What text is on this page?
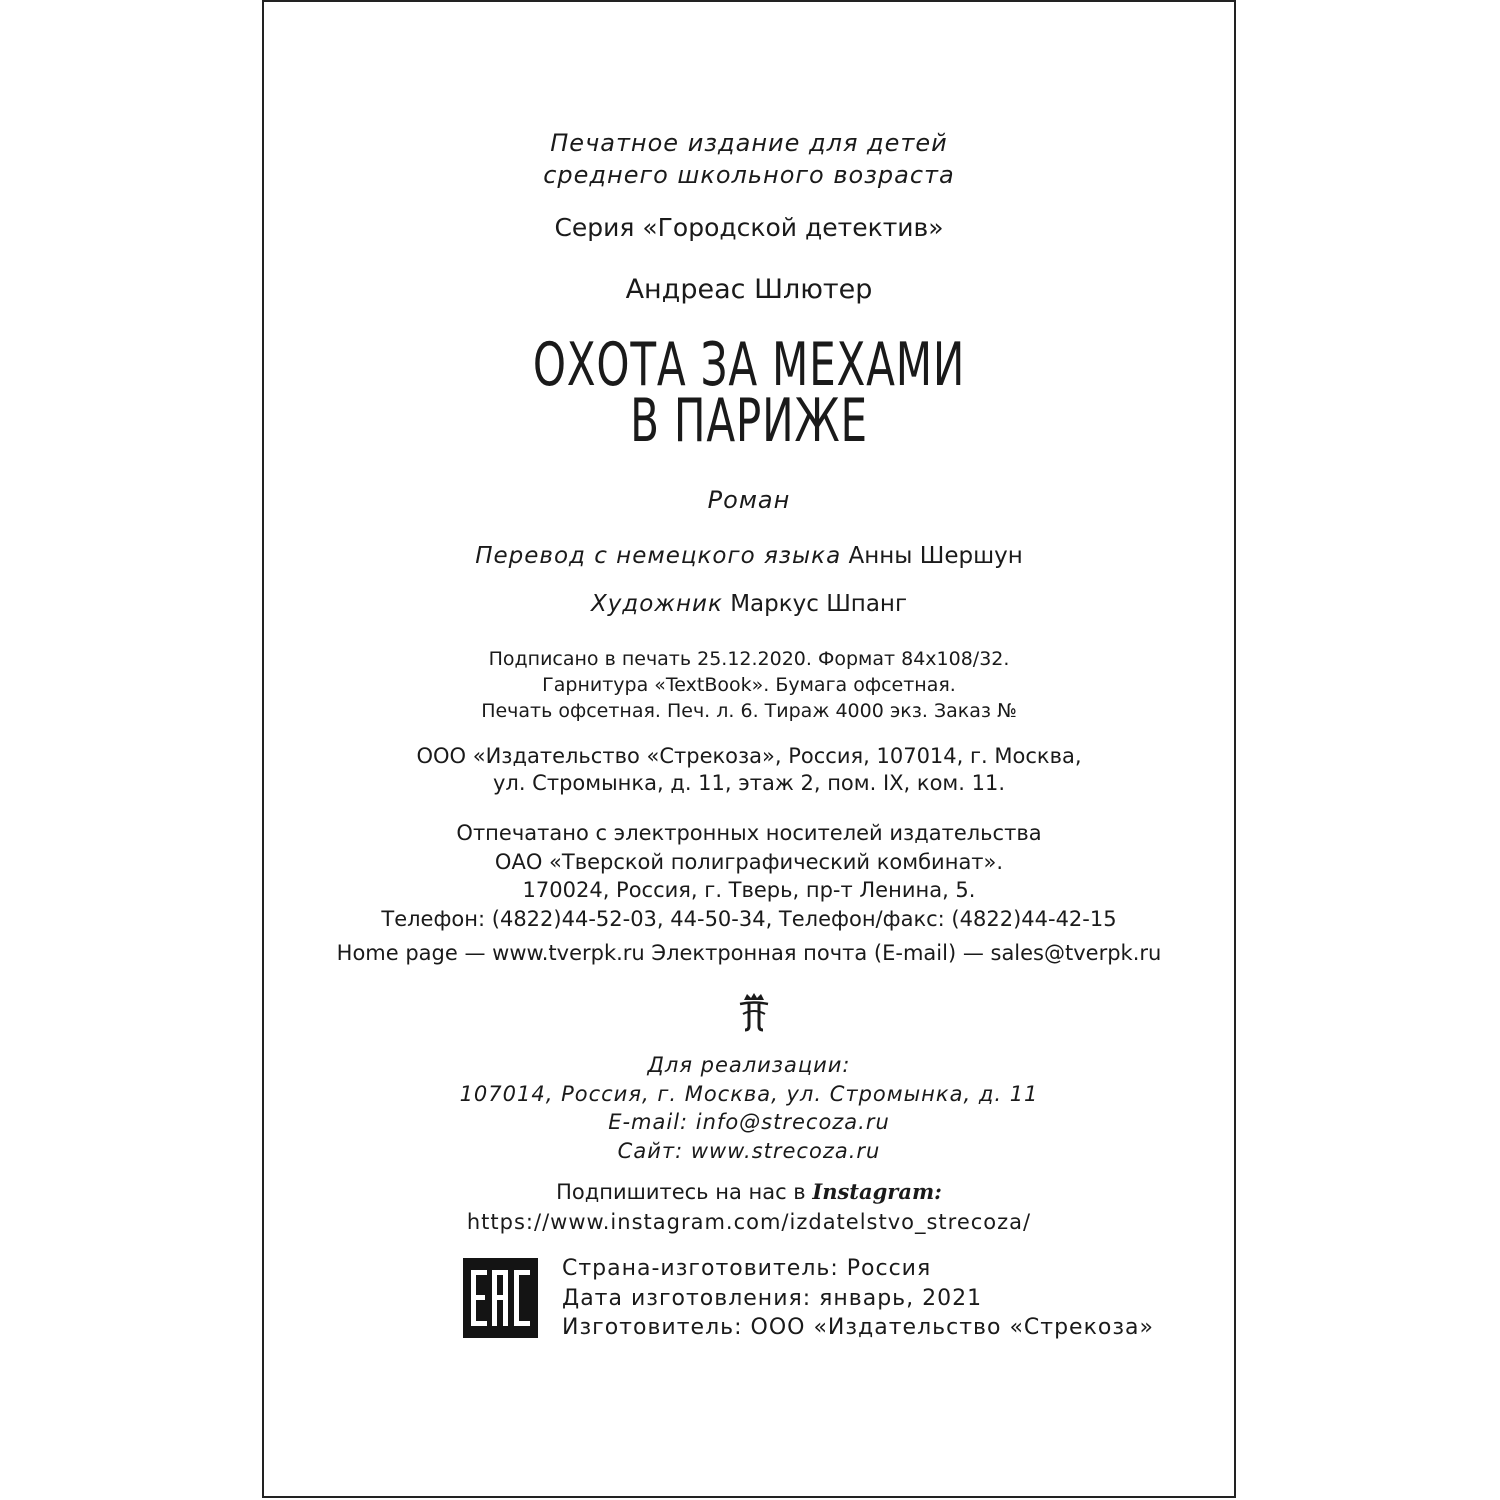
Печатное издание для детей
среднего школьного возраста
Серия «Городской детектив»
Андреас Шлютер
ОХОТА ЗА МЕХАМИ
В ПАРИЖЕ
Роман
Перевод с немецкого языка Анны Шершун
Художник Маркус Шпанг
Подписано в печать 25.12.2020. Формат 84х108/32.
Гарнитура «TextBook». Бумага офсетная.
Печать офсетная. Печ. л. 6. Тираж 4000 экз. Заказ №
ООО «Издательство «Стрекоза», Россия, 107014, г. Москва,
ул. Стромынка, д. 11, этаж 2, пом. IX, ком. 11.
Отпечатано с электронных носителей издательства
ОАО «Тверской полиграфический комбинат».
170024, Россия, г. Тверь, пр-т Ленина, 5.
Телефон: (4822)44-52-03, 44-50-34, Телефон/факс: (4822)44-42-15
Home page — www.tverpk.ru Электронная почта (E-mail) — sales@tverpk.ru
Для реализации:
107014, Россия, г. Москва, ул. Стромынка, д. 11
E-mail: info@strecoza.ru
Сайт: www.strecoza.ru
Подпишитесь на нас в Instagram:
https://www.instagram.com/izdatelstvo_strecoza/
Страна-изготовитель: Россия
Дата изготовления: январь, 2021
Изготовитель: ООО «Издательство «Стрекоза»
